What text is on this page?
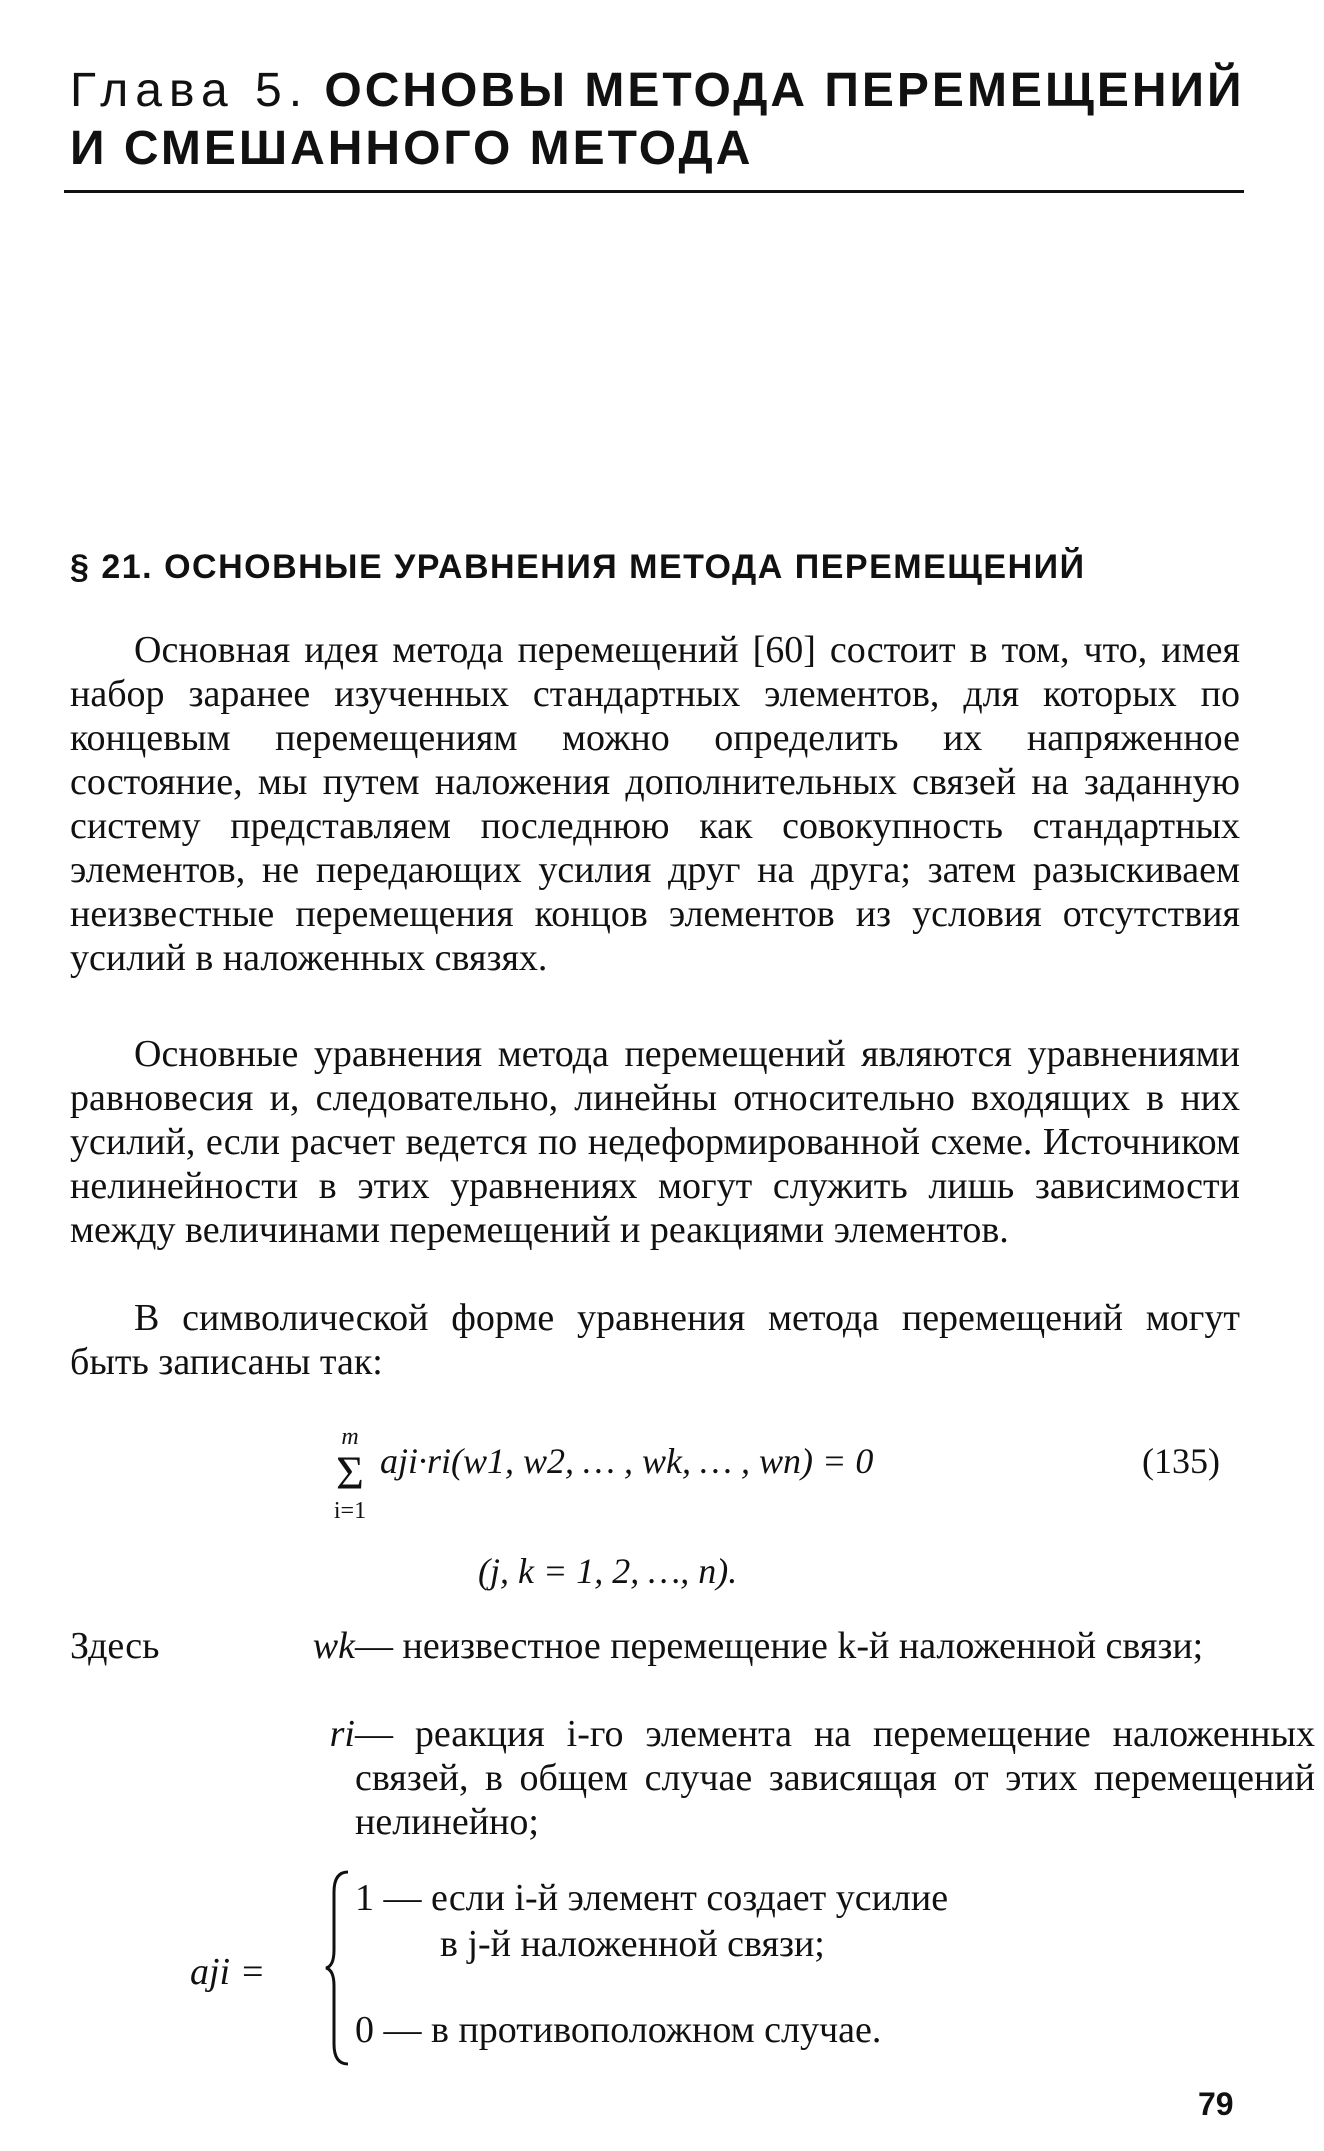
Глава 5. ОСНОВЫ МЕТОДА ПЕРЕМЕЩЕНИЙ
И СМЕШАННОГО МЕТОДА
§ 21. ОСНОВНЫЕ УРАВНЕНИЯ МЕТОДА ПЕРЕМЕЩЕНИЙ

Основная идея метода перемещений [60] состоит в том, что, имея набор заранее изученных стандартных элементов, для которых по концевым перемещениям можно определить их напряженное состояние, мы путем наложения дополнительных связей на заданную систему представляем последнюю как совокупность стандартных элементов, не передающих усилия друг на друга; затем разыскиваем неизвестные перемещения концов элементов из условия отсутствия усилий в наложенных связях.

Основные уравнения метода перемещений являются уравнениями равновесия и, следовательно, линейны относительно входящих в них усилий, если расчет ведется по недеформированной схеме. Источником нелинейности в этих уравнениях могут служить лишь зависимости между величинами перемещений и реакциями элементов.

В символической форме уравнения метода перемещений могут быть записаны так:

m
Σ
i=1
aji·ri(w1, w2, … , wk, … , wn) = 0	(135)
(j, k = 1, 2, …, n).
Здесь	wk — неизвестное перемещение k-й наложенной связи;
ri — реакция i-го элемента на перемещение наложенных связей, в общем случае зависящая от этих перемещений нелинейно;
aji =
1 — если i-й элемент создает усилие
в j-й наложенной связи;
0 — в противоположном случае.
79
